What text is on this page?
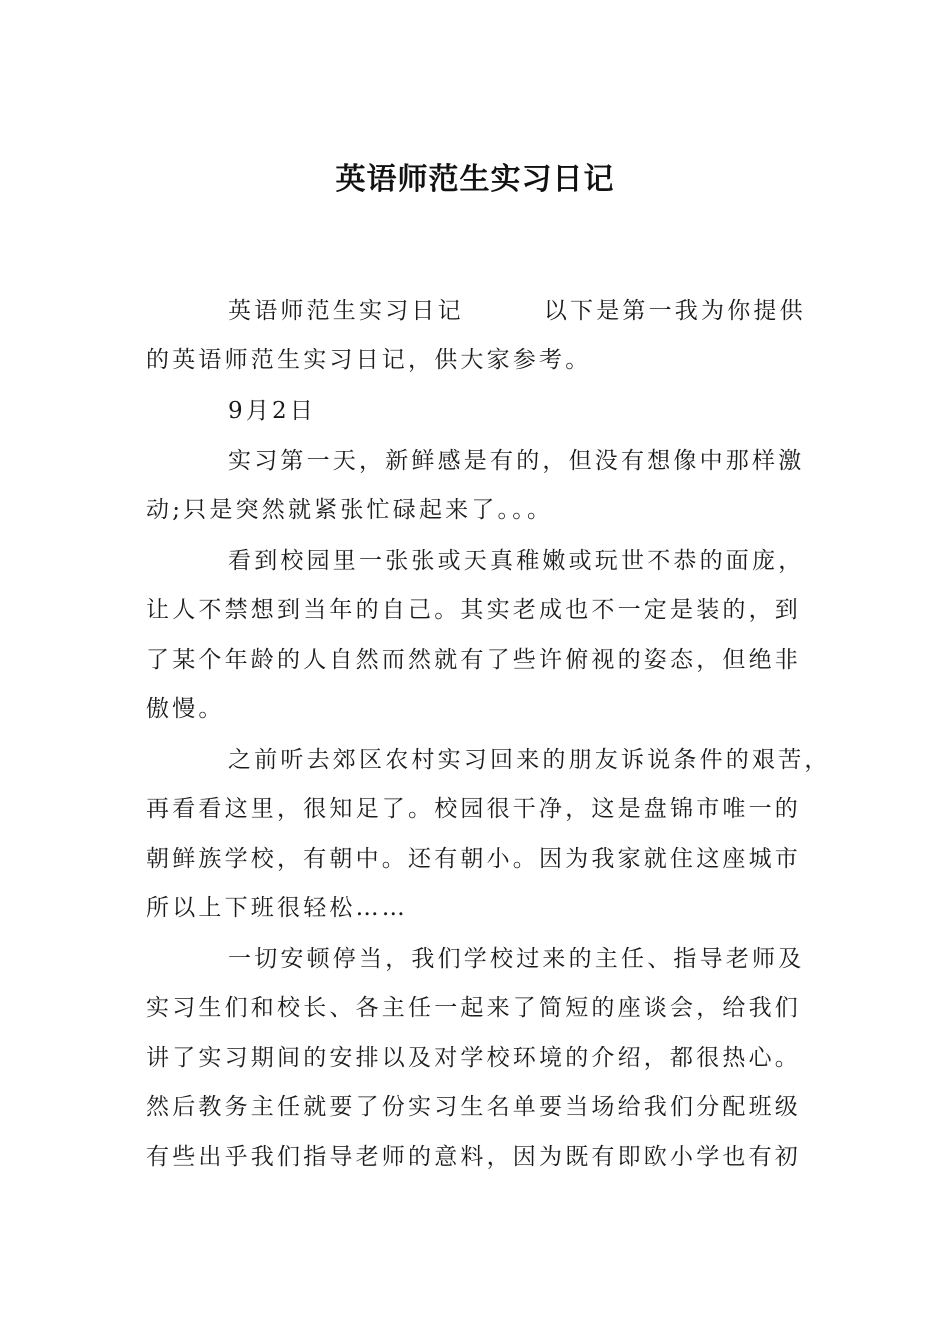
英语师范生实习日记
英语师范生实习日记	以下是第一我为你提供
的英语师范生实习日记，供大家参考。
9月2日
实习第一天，新鲜感是有的，但没有想像中那样激
动;只是突然就紧张忙碌起来了。。。
看到校园里一张张或天真稚嫩或玩世不恭的面庞，
让人不禁想到当年的自己。其实老成也不一定是装的，到
了某个年龄的人自然而然就有了些许俯视的姿态，但绝非
傲慢。
之前听去郊区农村实习回来的朋友诉说条件的艰苦，
再看看这里，很知足了。校园很干净，这是盘锦市唯一的
朝鲜族学校，有朝中。还有朝小。因为我家就住这座城市
所以上下班很轻松……
一切安顿停当，我们学校过来的主任、指导老师及
实习生们和校长、各主任一起来了简短的座谈会，给我们
讲了实习期间的安排以及对学校环境的介绍，都很热心。
然后教务主任就要了份实习生名单要当场给我们分配班级
有些出乎我们指导老师的意料，因为既有即欧小学也有初
